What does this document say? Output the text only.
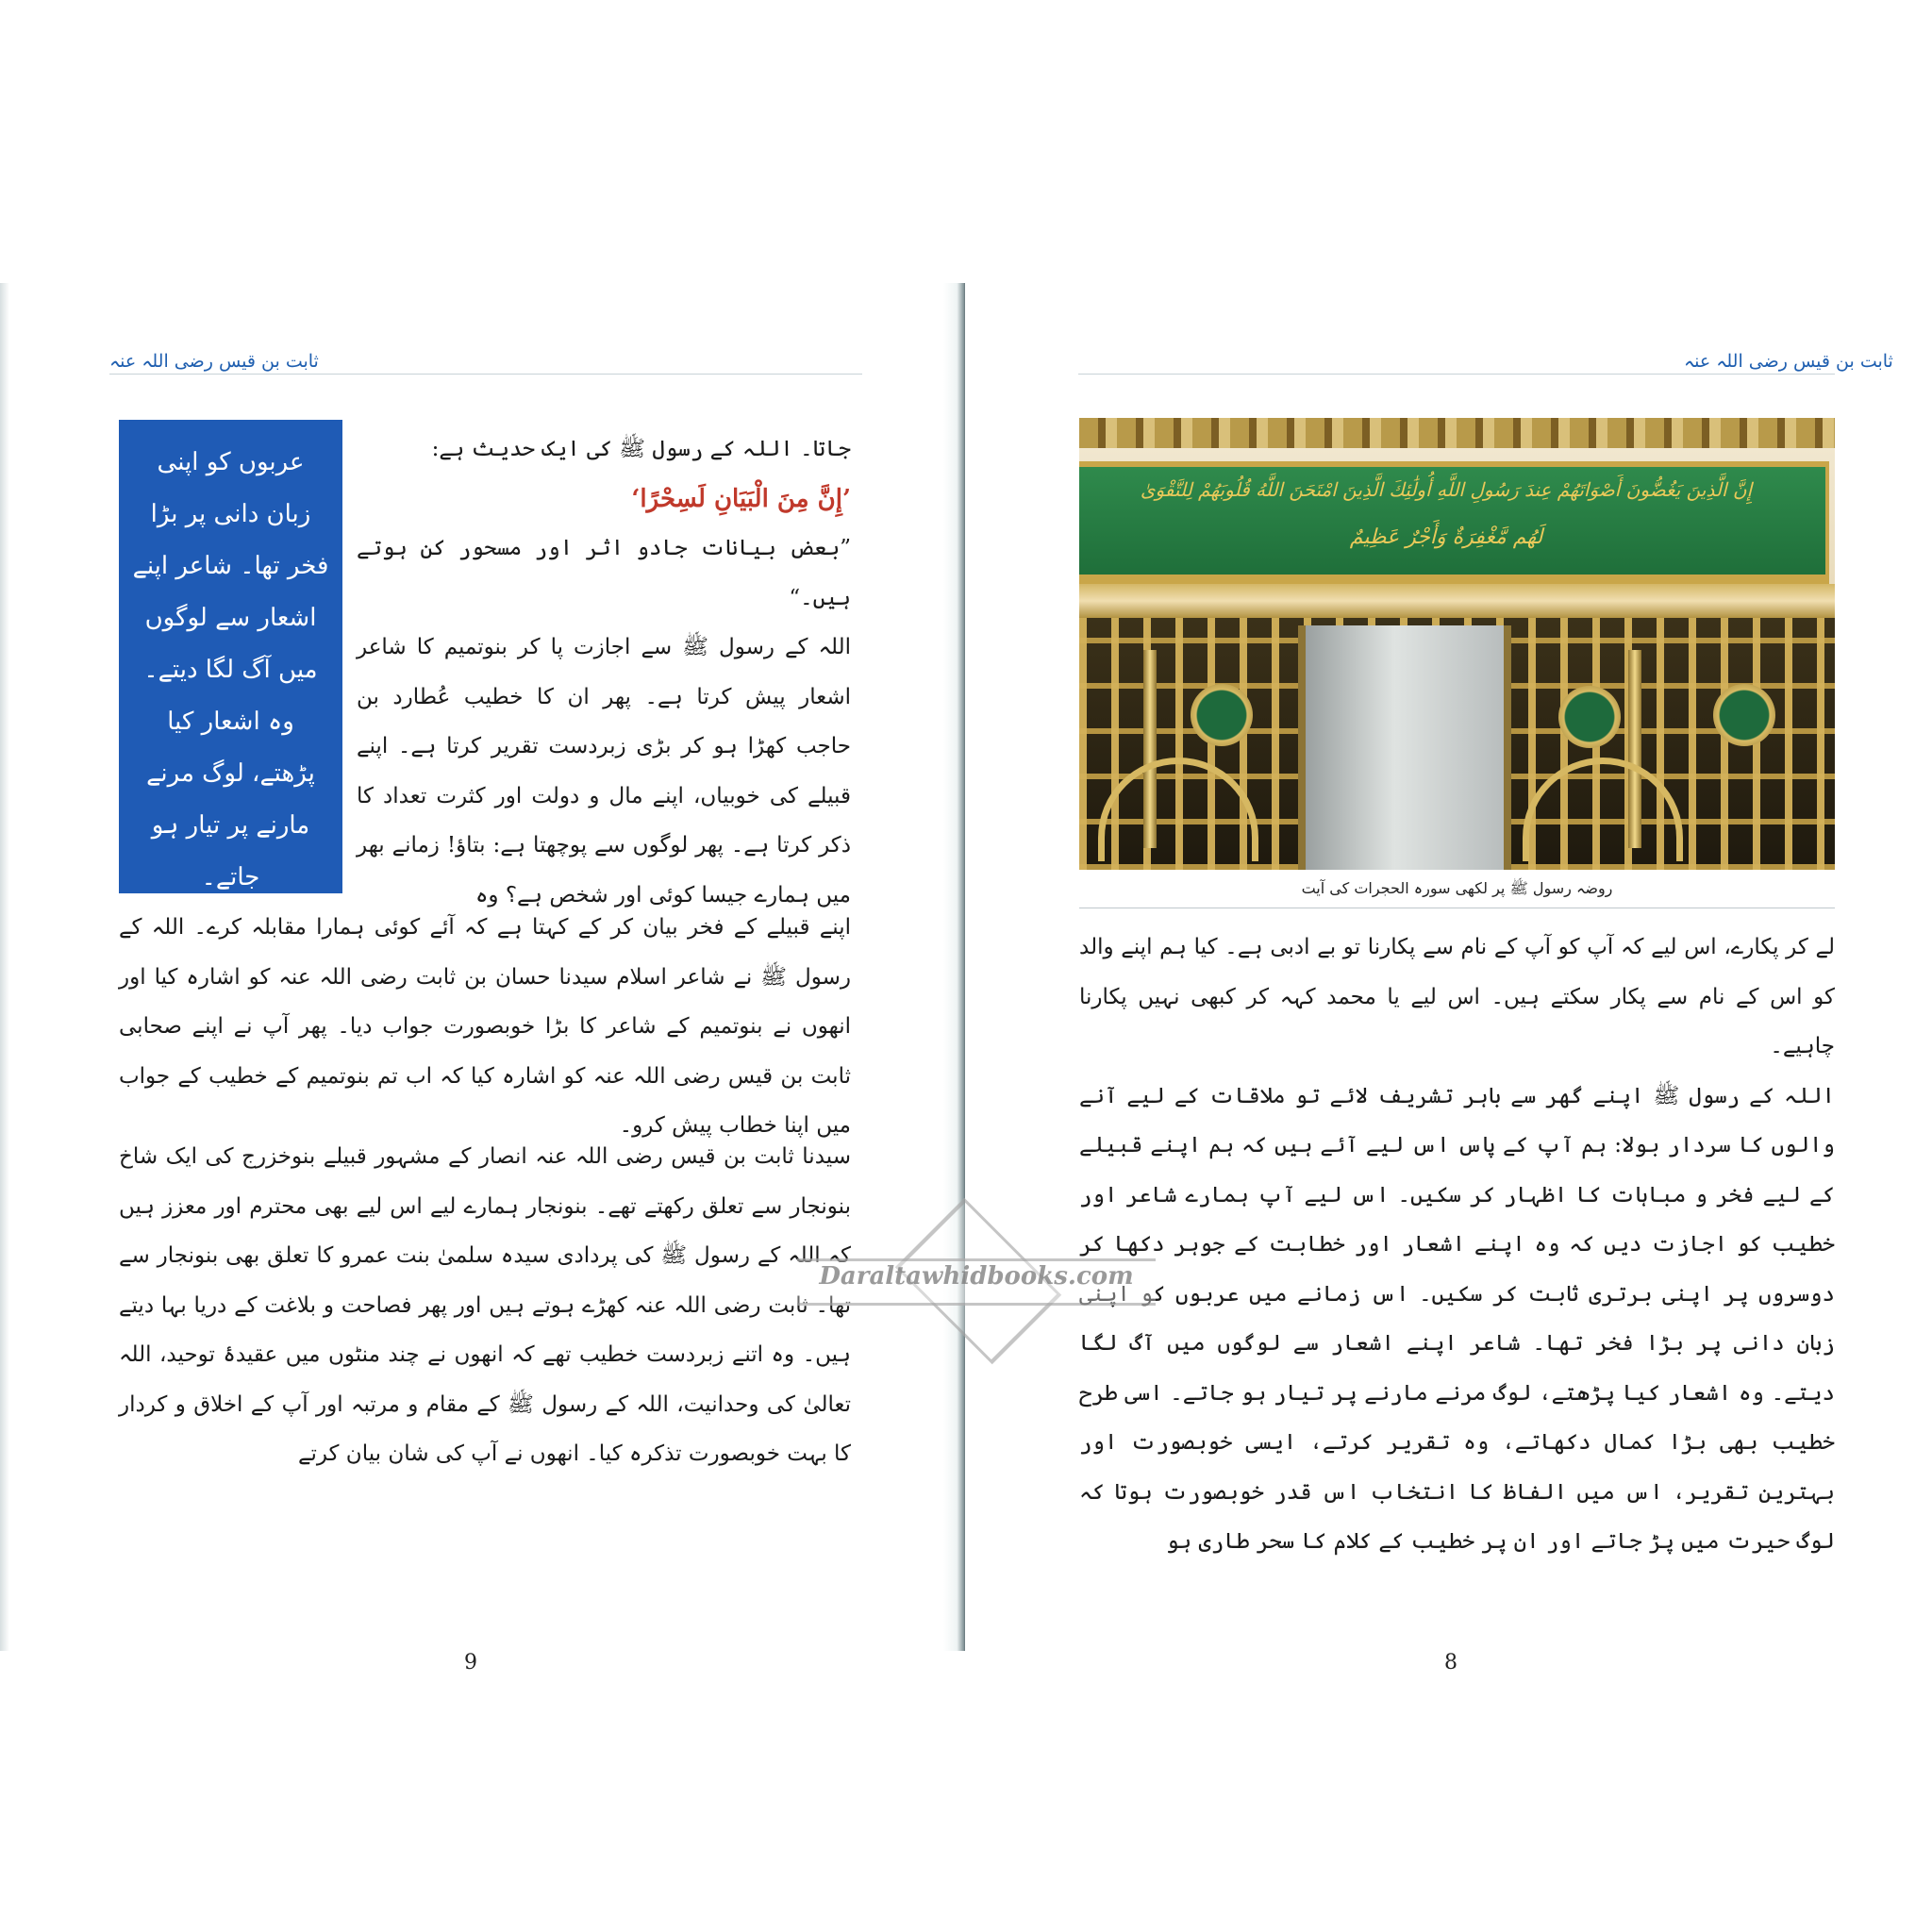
ثابت بن قیس رضی اللہ عنہ
عربوں کو اپنی زبان دانی پر بڑا فخر تھا۔ شاعر اپنے اشعار سے لوگوں میں آگ لگا دیتے۔ وہ اشعار کیا پڑھتے، لوگ مرنے مارنے پر تیار ہو جاتے۔

جاتا۔ اللہ کے رسول ﷺ کی ایک حدیث ہے:

’إِنَّ مِنَ الْبَيَانِ لَسِحْرًا‘

”بعض بیانات جادو اثر اور مسحور کن ہوتے ہیں۔“

اللہ کے رسول ﷺ سے اجازت پا کر بنوتمیم کا شاعر اشعار پیش کرتا ہے۔ پھر ان کا خطیب عُطارد بن حاجب کھڑا ہو کر بڑی زبردست تقریر کرتا ہے۔ اپنے قبیلے کی خوبیاں، اپنے مال و دولت اور کثرت تعداد کا ذکر کرتا ہے۔ پھر لوگوں سے پوچھتا ہے: بتاؤ! زمانے بھر میں ہمارے جیسا کوئی اور شخص ہے؟ وہ

اپنے قبیلے کے فخر بیان کر کے کہتا ہے کہ آئے کوئی ہمارا مقابلہ کرے۔ اللہ کے رسول ﷺ نے شاعر اسلام سیدنا حسان بن ثابت رضی اللہ عنہ کو اشارہ کیا اور انھوں نے بنوتمیم کے شاعر کا بڑا خوبصورت جواب دیا۔ پھر آپ نے اپنے صحابی ثابت بن قیس رضی اللہ عنہ کو اشارہ کیا کہ اب تم بنوتمیم کے خطیب کے جواب میں اپنا خطاب پیش کرو۔

سیدنا ثابت بن قیس رضی اللہ عنہ انصار کے مشہور قبیلے بنوخزرج کی ایک شاخ بنونجار سے تعلق رکھتے تھے۔ بنونجار ہمارے لیے اس لیے بھی محترم اور معزز ہیں کہ اللہ کے رسول ﷺ کی پردادی سیدہ سلمیٰ بنت عمرو کا تعلق بھی بنونجار سے تھا۔ ثابت رضی اللہ عنہ کھڑے ہوتے ہیں اور پھر فصاحت و بلاغت کے دریا بہا دیتے ہیں۔ وہ اتنے زبردست خطیب تھے کہ انھوں نے چند منٹوں میں عقیدۂ توحید، اللہ تعالیٰ کی وحدانیت، اللہ کے رسول ﷺ کے مقام و مرتبہ اور آپ کے اخلاق و کردار کا بہت خوبصورت تذکرہ کیا۔ انھوں نے آپ کی شان بیان کرتے

9
ثابت بن قیس رضی اللہ عنہ
إِنَّ الَّذِينَ يَغُضُّونَ أَصْوَاتَهُمْ عِندَ رَسُولِ اللَّهِ أُولَٰئِكَ الَّذِينَ امْتَحَنَ اللَّهُ قُلُوبَهُمْ لِلتَّقْوَىٰ
لَهُم مَّغْفِرَةٌ وَأَجْرٌ عَظِيمٌ
روضہ رسول ﷺ پر لکھی سورہ الحجرات کی آیت

لے کر پکارے، اس لیے کہ آپ کو آپ کے نام سے پکارنا تو بے ادبی ہے۔ کیا ہم اپنے والد کو اس کے نام سے پکار سکتے ہیں۔ اس لیے یا محمد کہہ کر کبھی نہیں پکارنا چاہیے۔

اللہ کے رسول ﷺ اپنے گھر سے باہر تشریف لائے تو ملاقات کے لیے آنے والوں کا سردار بولا: ہم آپ کے پاس اس لیے آئے ہیں کہ ہم اپنے قبیلے کے لیے فخر و مباہات کا اظہار کر سکیں۔ اس لیے آپ ہمارے شاعر اور خطیب کو اجازت دیں کہ وہ اپنے اشعار اور خطابت کے جوہر دکھا کر دوسروں پر اپنی برتری ثابت کر سکیں۔ اس زمانے میں عربوں کو اپنی زبان دانی پر بڑا فخر تھا۔ شاعر اپنے اشعار سے لوگوں میں آگ لگا دیتے۔ وہ اشعار کیا پڑھتے، لوگ مرنے مارنے پر تیار ہو جاتے۔ اسی طرح خطیب بھی بڑا کمال دکھاتے، وہ تقریر کرتے، ایسی خوبصورت اور بہترین تقریر، اس میں الفاظ کا انتخاب اس قدر خوبصورت ہوتا کہ لوگ حیرت میں پڑ جاتے اور ان پر خطیب کے کلام کا سحر طاری ہو

8
Daraltawhidbooks.com
